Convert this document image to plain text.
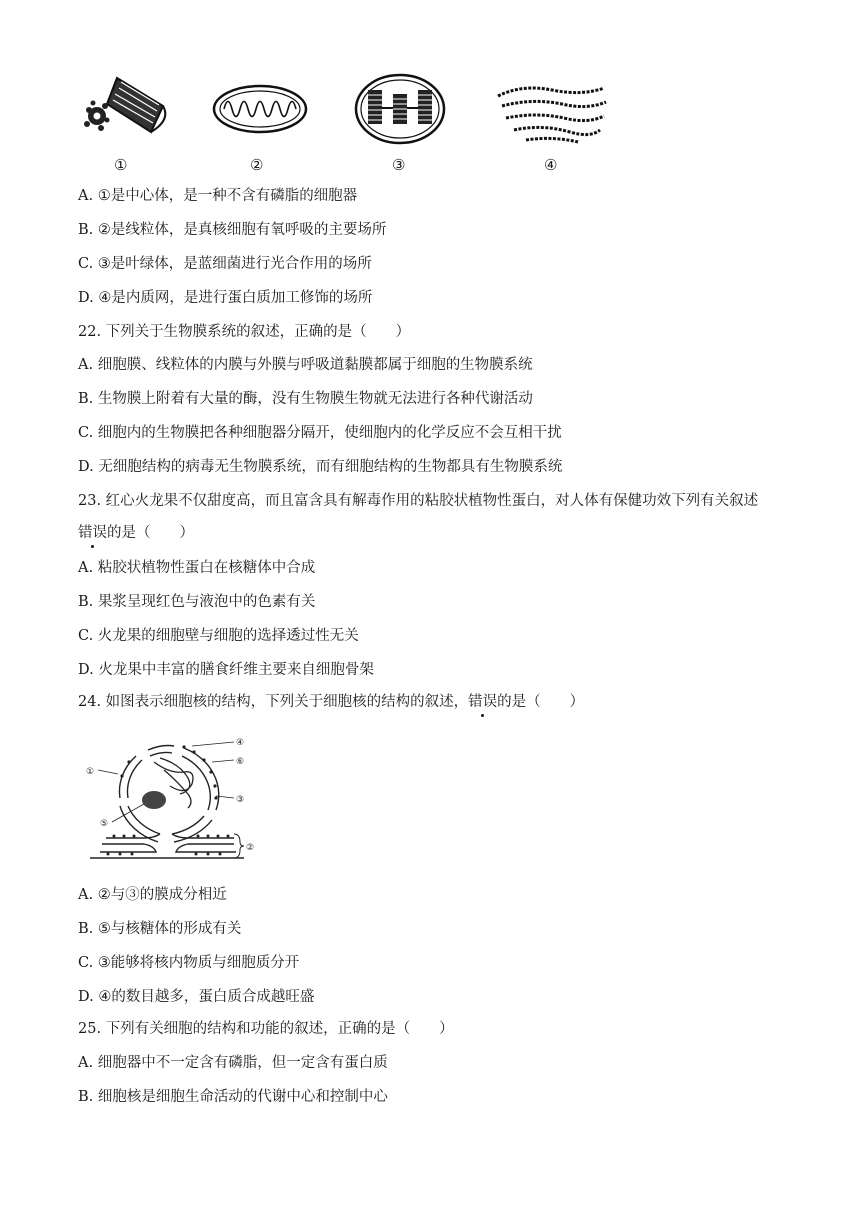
①	②	③	④
A. ①是中心体，是一种不含有磷脂的细胞器
B. ②是线粒体，是真核细胞有氧呼吸的主要场所
C. ③是叶绿体，是蓝细菌进行光合作用的场所
D. ④是内质网，是进行蛋白质加工修饰的场所
22. 下列关于生物膜系统的叙述，正确的是（　　）
A. 细胞膜、线粒体的内膜与外膜与呼吸道黏膜都属于细胞的生物膜系统
B. 生物膜上附着有大量的酶，没有生物膜生物就无法进行各种代谢活动
C. 细胞内的生物膜把各种细胞器分隔开，使细胞内的化学反应不会互相干扰
D. 无细胞结构的病毒无生物膜系统，而有细胞结构的生物都具有生物膜系统
23. 红心火龙果不仅甜度高，而且富含具有解毒作用的粘胶状植物性蛋白，对人体有保健功效下列有关叙述
错误的是（　　）
A. 粘胶状植物性蛋白在核糖体中合成
B. 果浆呈现红色与液泡中的色素有关
C. 火龙果的细胞壁与细胞的选择透过性无关
D. 火龙果中丰富的膳食纤维主要来自细胞骨架
24. 如图表示细胞核的结构，下列关于细胞核的结构的叙述，错误的是（　　）
①
④
⑥
③
⑤
②
A. ②与③的膜成分相近
B. ⑤与核糖体的形成有关
C. ③能够将核内物质与细胞质分开
D. ④的数目越多，蛋白质合成越旺盛
25. 下列有关细胞的结构和功能的叙述，正确的是（　　）
A. 细胞器中不一定含有磷脂，但一定含有蛋白质
B. 细胞核是细胞生命活动的代谢中心和控制中心
